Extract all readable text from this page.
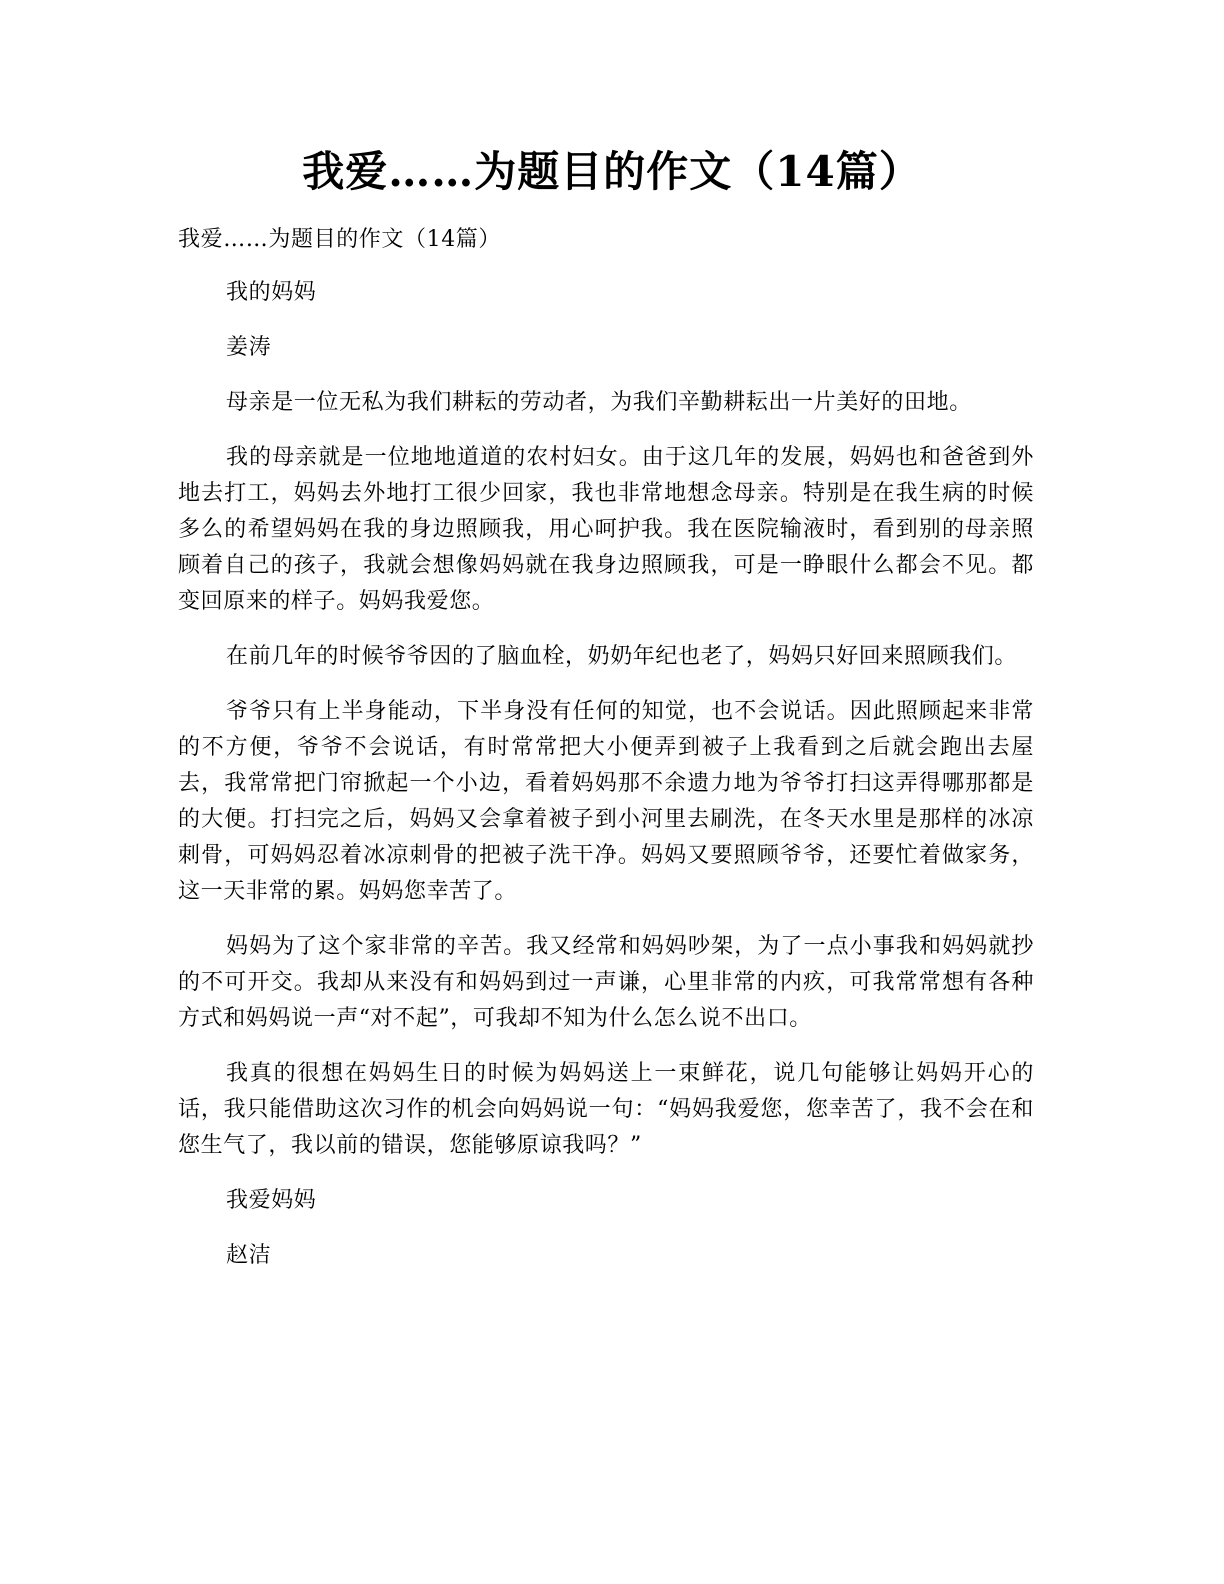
我爱……为题目的作文（14篇）

我爱……为题目的作文（14篇）

我的妈妈

姜涛

母亲是一位无私为我们耕耘的劳动者，为我们辛勤耕耘出一片美好的田地。

我的母亲就是一位地地道道的农村妇女。由于这几年的发展，妈妈也和爸爸到外地去打工，妈妈去外地打工很少回家，我也非常地想念母亲。特别是在我生病的时候多么的希望妈妈在我的身边照顾我，用心呵护我。我在医院输液时，看到别的母亲照顾着自己的孩子，我就会想像妈妈就在我身边照顾我，可是一睁眼什么都会不见。都变回原来的样子。妈妈我爱您。

在前几年的时候爷爷因的了脑血栓，奶奶年纪也老了，妈妈只好回来照顾我们。

爷爷只有上半身能动，下半身没有任何的知觉，也不会说话。因此照顾起来非常的不方便，爷爷不会说话，有时常常把大小便弄到被子上我看到之后就会跑出去屋去，我常常把门帘掀起一个小边，看着妈妈那不余遗力地为爷爷打扫这弄得哪那都是的大便。打扫完之后，妈妈又会拿着被子到小河里去刷洗，在冬天水里是那样的冰凉刺骨，可妈妈忍着冰凉刺骨的把被子洗干净。妈妈又要照顾爷爷，还要忙着做家务，这一天非常的累。妈妈您幸苦了。

妈妈为了这个家非常的辛苦。我又经常和妈妈吵架，为了一点小事我和妈妈就抄的不可开交。我却从来没有和妈妈到过一声谦，心里非常的内疚，可我常常想有各种方式和妈妈说一声“对不起”，可我却不知为什么怎么说不出口。

我真的很想在妈妈生日的时候为妈妈送上一束鲜花，说几句能够让妈妈开心的话，我只能借助这次习作的机会向妈妈说一句：“妈妈我爱您，您幸苦了，我不会在和您生气了，我以前的错误，您能够原谅我吗？”

我爱妈妈

赵洁
